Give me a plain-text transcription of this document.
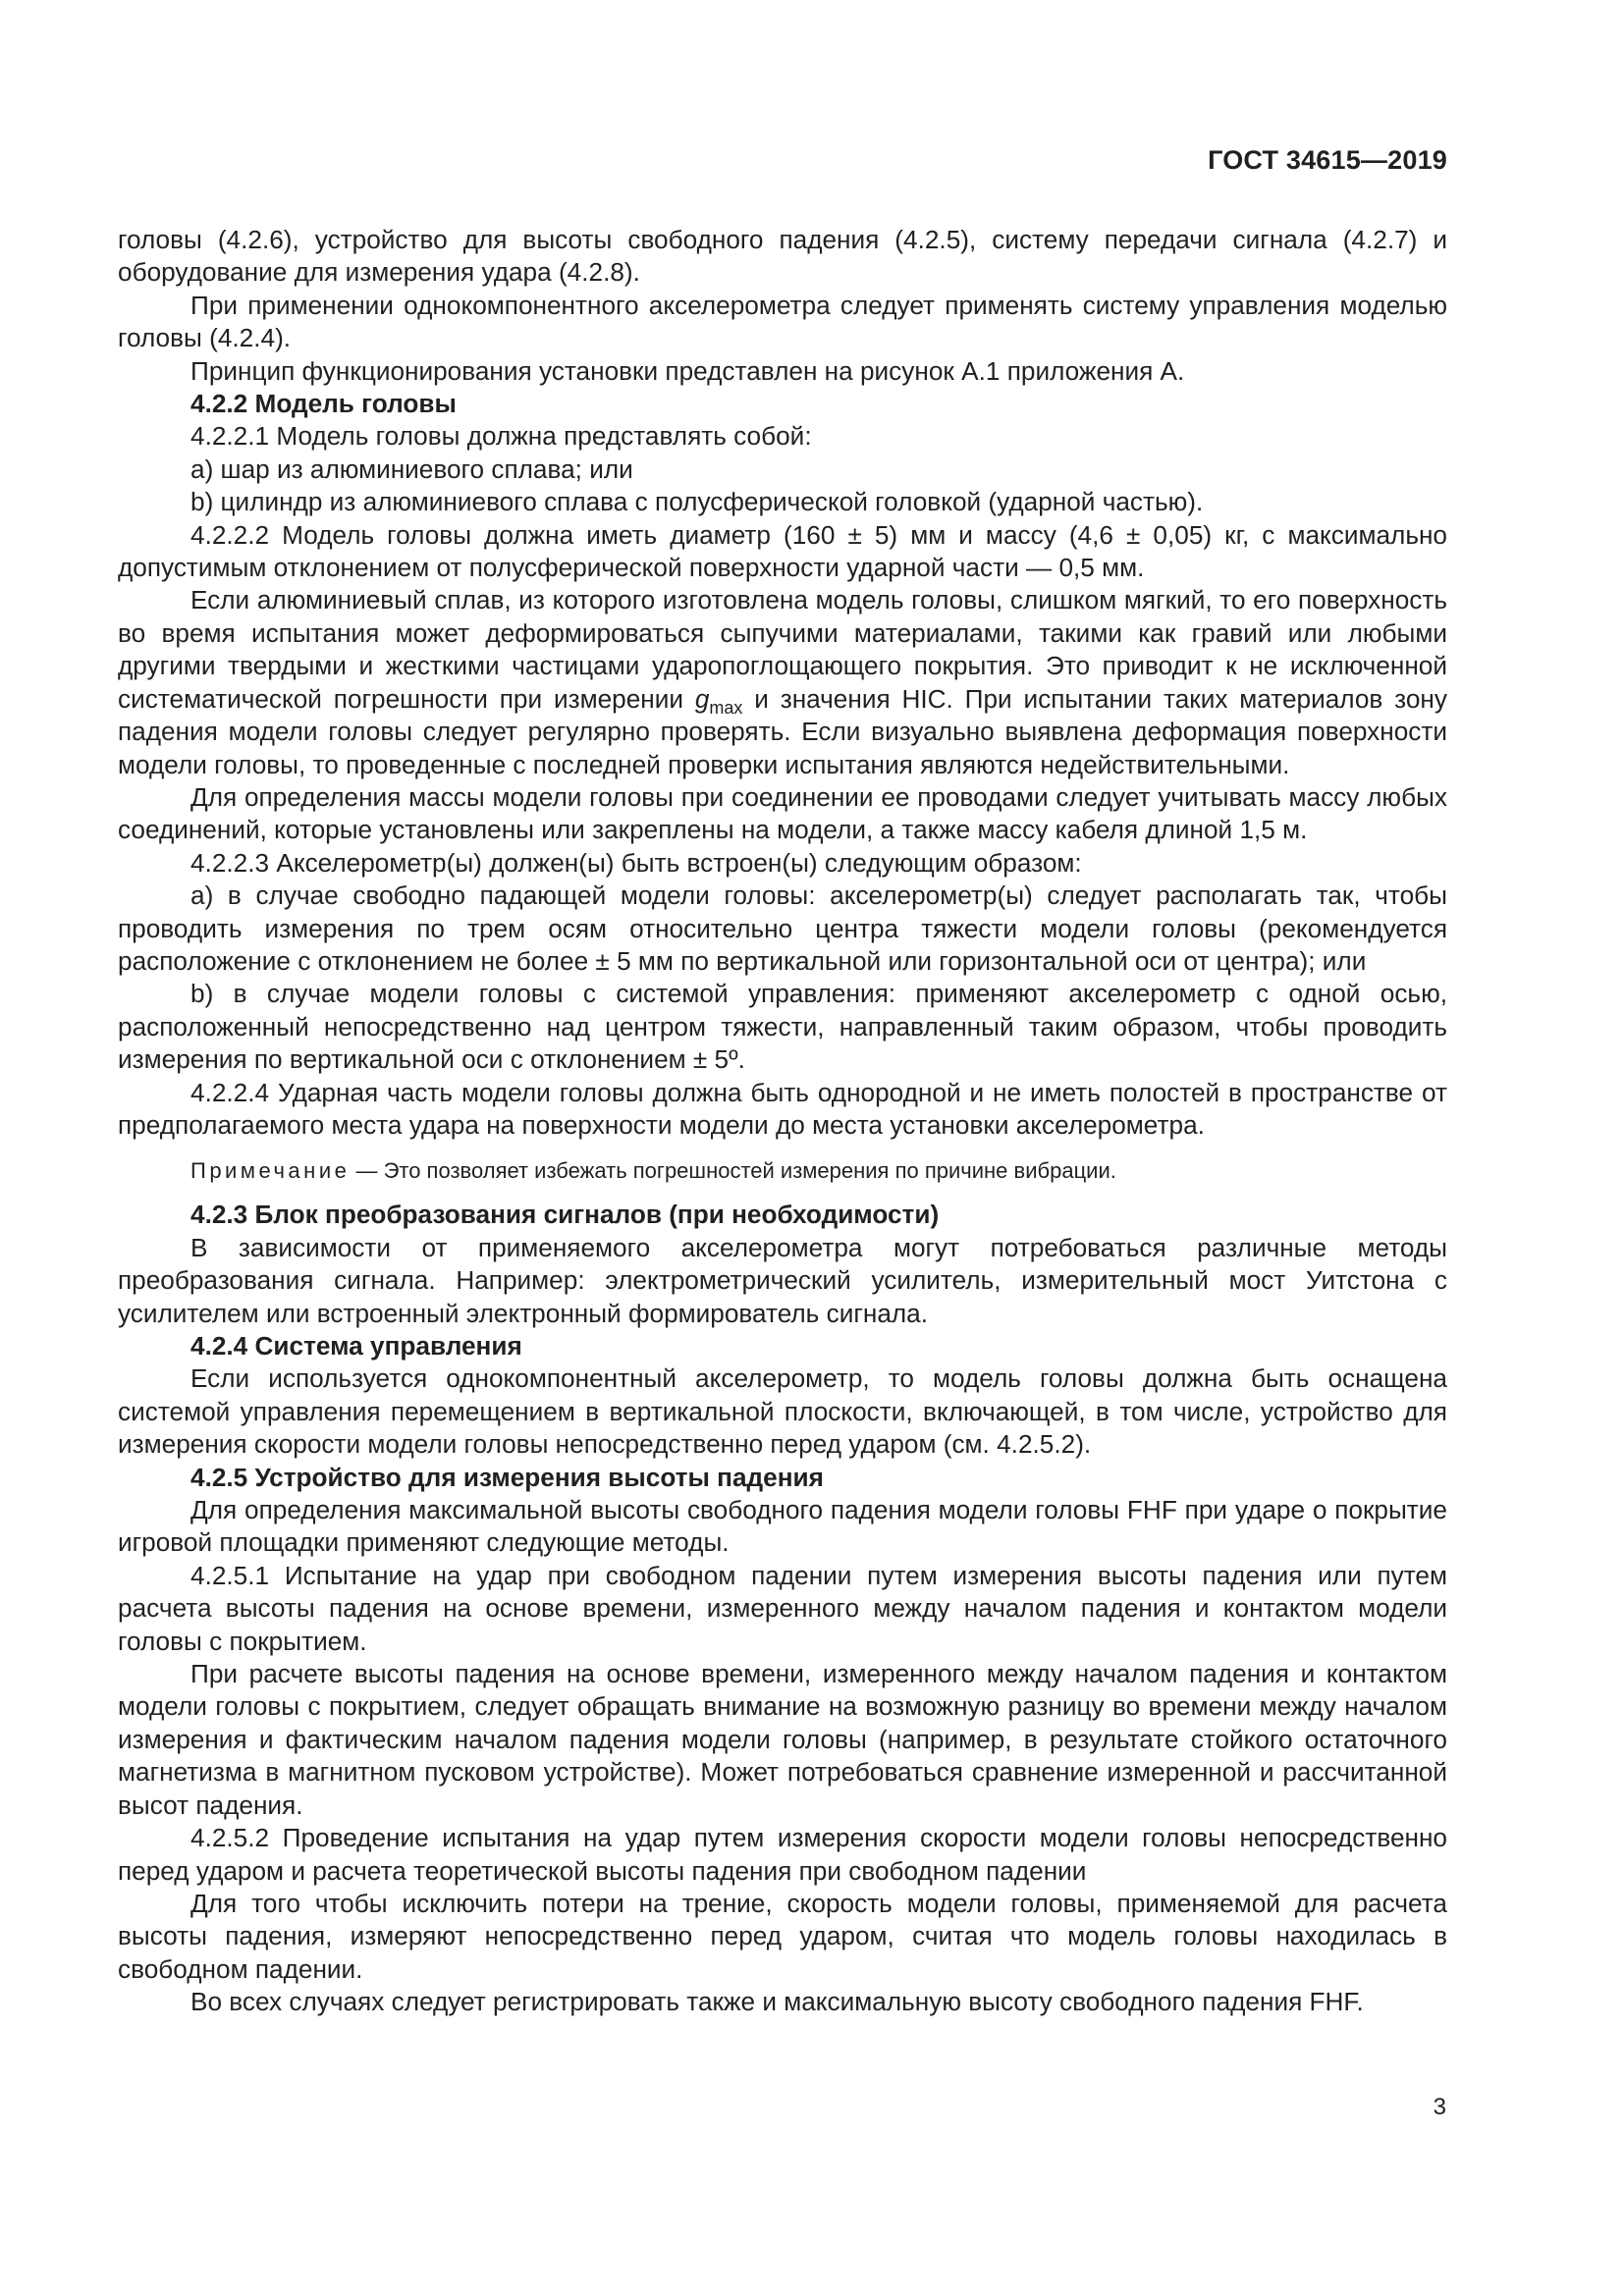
ГОСТ 34615—2019

головы (4.2.6), устройство для высоты свободного падения (4.2.5), систему передачи сигнала (4.2.7) и оборудование для измерения удара (4.2.8).

При применении однокомпонентного акселерометра следует применять систему управления моделью головы (4.2.4).

Принцип функционирования установки представлен на рисунок А.1 приложения А.

4.2.2 Модель головы

4.2.2.1 Модель головы должна представлять собой:

a) шар из алюминиевого сплава; или

b) цилиндр из алюминиевого сплава с полусферической головкой (ударной частью).

4.2.2.2 Модель головы должна иметь диаметр (160 ± 5) мм и массу (4,6 ± 0,05) кг, с максимально допустимым отклонением от полусферической поверхности ударной части — 0,5 мм.

Если алюминиевый сплав, из которого изготовлена модель головы, слишком мягкий, то его поверхность во время испытания может деформироваться сыпучими материалами, такими как гравий или любыми другими твердыми и жесткими частицами ударопоглощающего покрытия. Это приводит к не исключенной систематической погрешности при измерении $g_{max}$ и значения HIC. При испытании таких материалов зону падения модели головы следует регулярно проверять. Если визуально выявлена деформация поверхности модели головы, то проведенные с последней проверки испытания являются недействительными.

Для определения массы модели головы при соединении ее проводами следует учитывать массу любых соединений, которые установлены или закреплены на модели, а также массу кабеля длиной 1,5 м.

4.2.2.3 Акселерометр(ы) должен(ы) быть встроен(ы) следующим образом:

a) в случае свободно падающей модели головы: акселерометр(ы) следует располагать так, чтобы проводить измерения по трем осям относительно центра тяжести модели головы (рекомендуется расположение с отклонением не более ± 5 мм по вертикальной или горизонтальной оси от центра); или

b) в случае модели головы с системой управления: применяют акселерометр с одной осью, расположенный непосредственно над центром тяжести, направленный таким образом, чтобы проводить измерения по вертикальной оси с отклонением ± 5º.

4.2.2.4 Ударная часть модели головы должна быть однородной и не иметь полостей в пространстве от предполагаемого места удара на поверхности модели до места установки акселерометра.

Примечание — Это позволяет избежать погрешностей измерения по причине вибрации.

4.2.3 Блок преобразования сигналов (при необходимости)

В зависимости от применяемого акселерометра могут потребоваться различные методы преобразования сигнала. Например: электрометрический усилитель, измерительный мост Уитстона с усилителем или встроенный электронный формирователь сигнала.

4.2.4 Система управления

Если используется однокомпонентный акселерометр, то модель головы должна быть оснащена системой управления перемещением в вертикальной плоскости, включающей, в том числе, устройство для измерения скорости модели головы непосредственно перед ударом (см. 4.2.5.2).

4.2.5 Устройство для измерения высоты падения

Для определения максимальной высоты свободного падения модели головы FHF при ударе о покрытие игровой площадки применяют следующие методы.

4.2.5.1 Испытание на удар при свободном падении путем измерения высоты падения или путем расчета высоты падения на основе времени, измеренного между началом падения и контактом модели головы с покрытием.

При расчете высоты падения на основе времени, измеренного между началом падения и контактом модели головы с покрытием, следует обращать внимание на возможную разницу во времени между началом измерения и фактическим началом падения модели головы (например, в результате стойкого остаточного магнетизма в магнитном пусковом устройстве). Может потребоваться сравнение измеренной и рассчитанной высот падения.

4.2.5.2 Проведение испытания на удар путем измерения скорости модели головы непосредственно перед ударом и расчета теоретической высоты падения при свободном падении

Для того чтобы исключить потери на трение, скорость модели головы, применяемой для расчета высоты падения, измеряют непосредственно перед ударом, считая что модель головы находилась в свободном падении.

Во всех случаях следует регистрировать также и максимальную высоту свободного падения FHF.

3
